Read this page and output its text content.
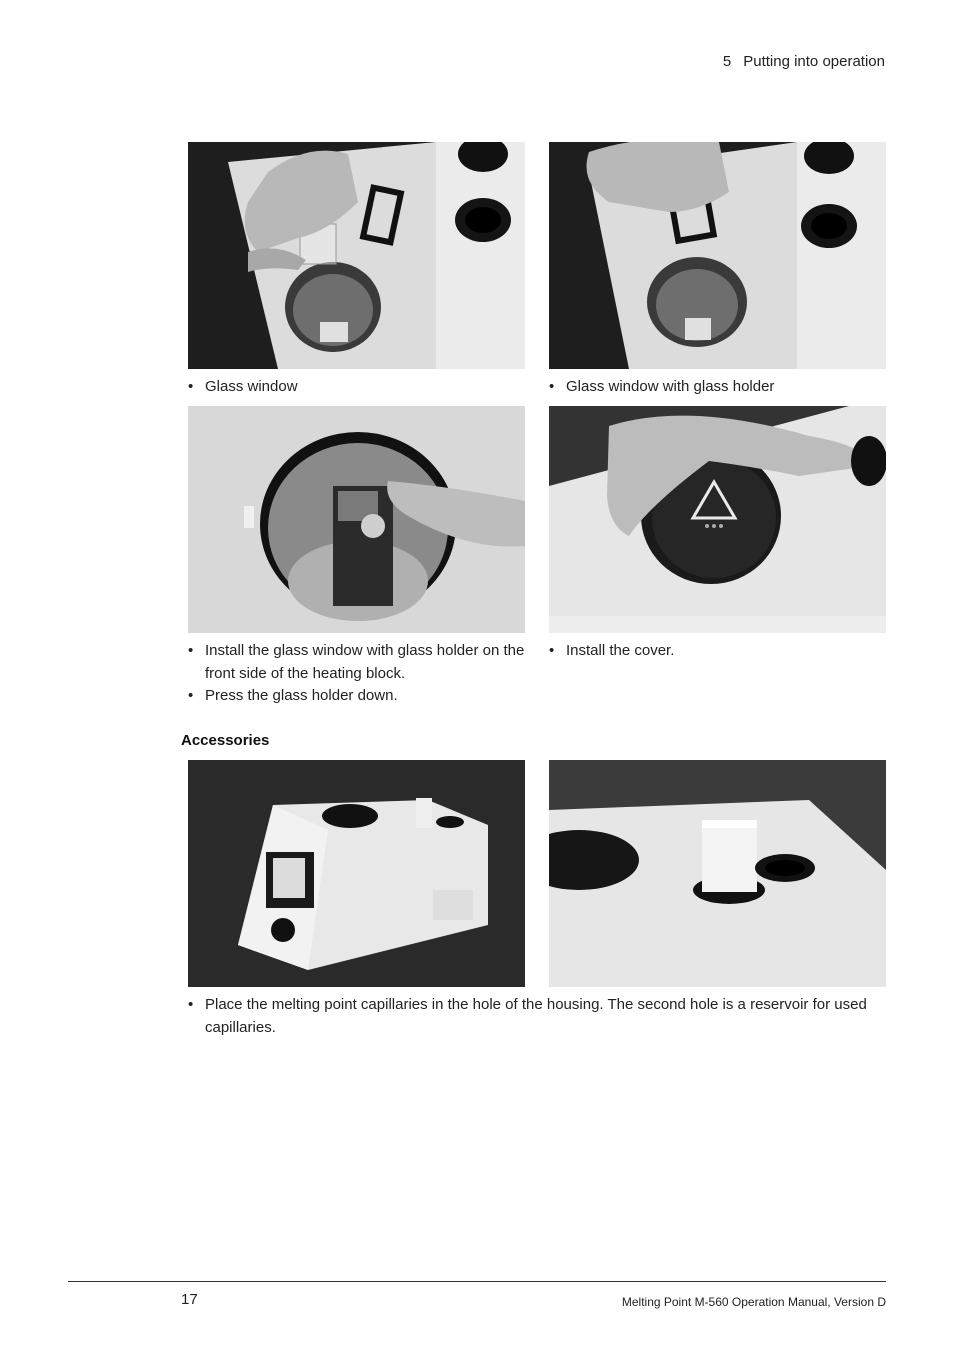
5 Putting into operation
• Glass window
•	Glass window with glass holder
• Install the glass window with glass holder on the front side of the heating block.
• Press the glass holder down.
• Install the cover.
Accessories
• Place the melting point capillaries in the hole of the housing. The second hole is a reservoir for used capillaries.
17	Melting Point M-560 Operation Manual, Version D
